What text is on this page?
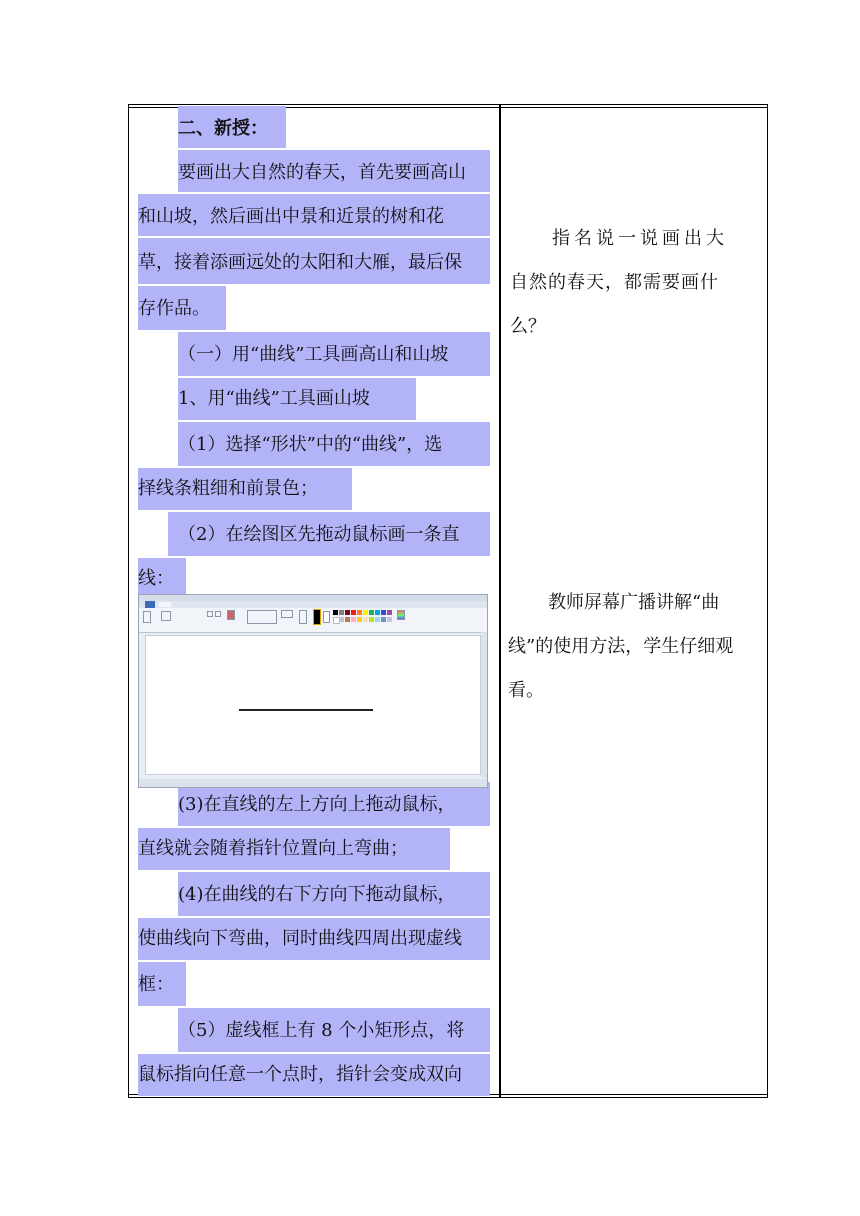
二、新授：
要画出大自然的春天，首先要画高山
和山坡，然后画出中景和近景的树和花
草，接着添画远处的太阳和大雁，最后保
存作品。
（一）用“曲线”工具画高山和山坡
1、用“曲线”工具画山坡
（1）选择“形状”中的“曲线”，选
择线条粗细和前景色；
（2）在绘图区先拖动鼠标画一条直
线：
(3)在直线的左上方向上拖动鼠标，
直线就会随着指针位置向上弯曲；
(4)在曲线的右下方向下拖动鼠标，
使曲线向下弯曲，同时曲线四周出现虚线
框：
（5）虚线框上有 8 个小矩形点，将
鼠标指向任意一个点时，指针会变成双向
指名说一说画出大
自然的春天，都需要画什
么？
教师屏幕广播讲解“曲
线”的使用方法，学生仔细观
看。
